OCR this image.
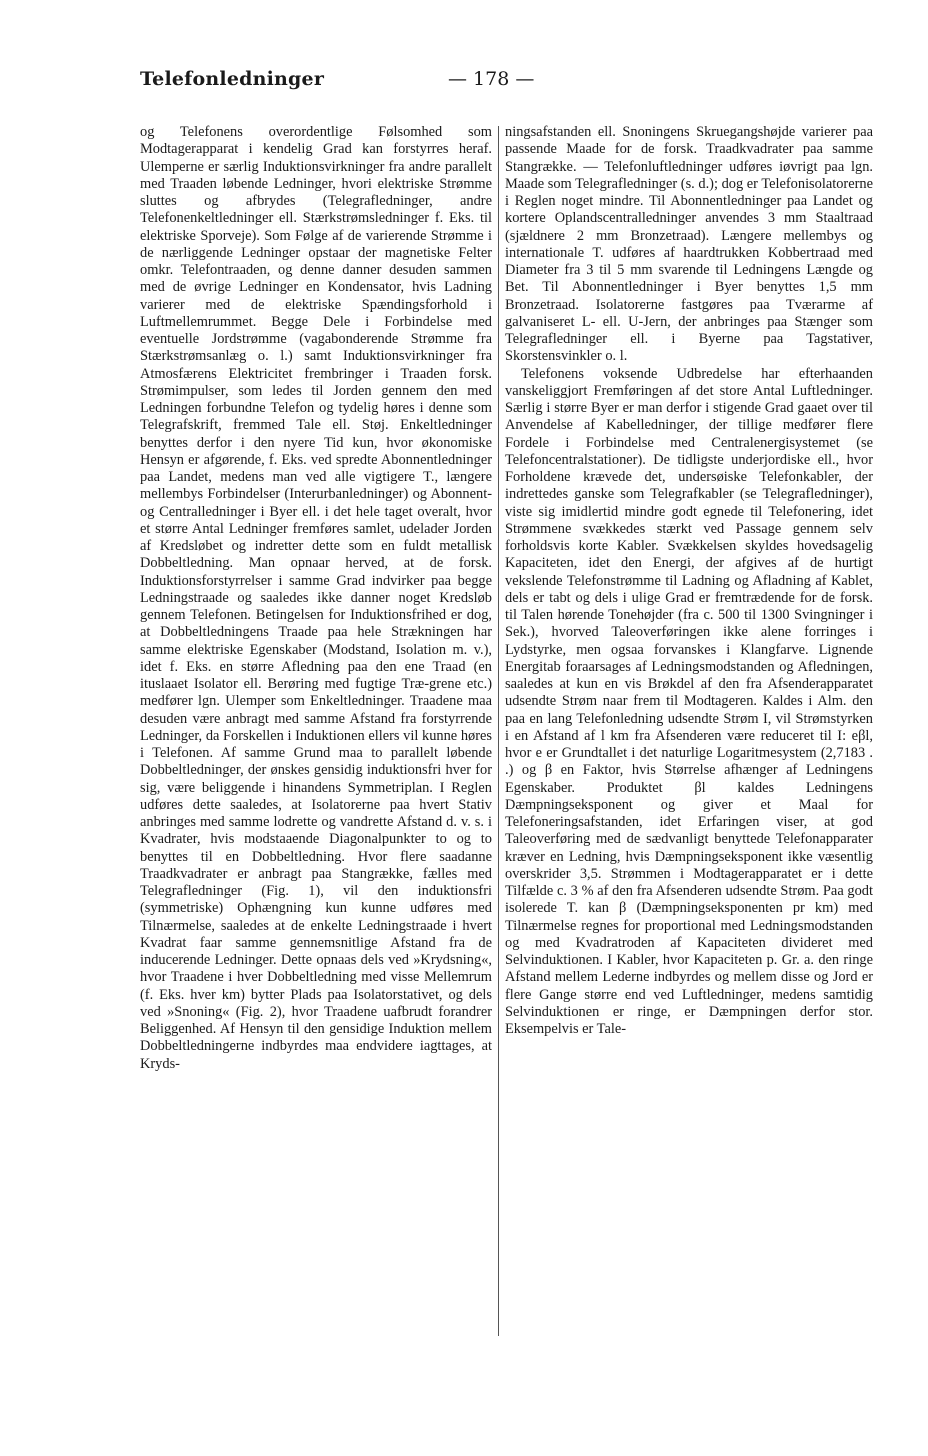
Telefonledninger	— 178 —

og Telefonens overordentlige Følsomhed som Modtagerapparat i kendelig Grad kan forstyrres heraf. Ulemperne er særlig Induktionsvirkninger fra andre parallelt med Traaden løbende Ledninger, hvori elektriske Strømme sluttes og afbrydes (Telegrafledninger, andre Telefonenkeltledninger ell. Stærkstrømsledninger f. Eks. til elektriske Sporveje). Som Følge af de varierende Strømme i de nærliggende Ledninger opstaar der magnetiske Felter omkr. Telefontraaden, og denne danner desuden sammen med de øvrige Ledninger en Kondensator, hvis Ladning varierer med de elektriske Spændingsforhold i Luftmellemrummet. Begge Dele i Forbindelse med eventuelle Jordstrømme (vagabonderende Strømme fra Stærkstrømsanlæg o. l.) samt Induktionsvirkninger fra Atmosfærens Elektricitet frembringer i Traaden forsk. Strømimpulser, som ledes til Jorden gennem den med Ledningen forbundne Telefon og tydelig høres i denne som Telegrafskrift, fremmed Tale ell. Støj. Enkeltledninger benyttes derfor i den nyere Tid kun, hvor økonomiske Hensyn er afgørende, f. Eks. ved spredte Abonnentledninger paa Landet, medens man ved alle vigtigere T., længere mellembys Forbindelser (Interurbanledninger) og Abonnent- og Centralledninger i Byer ell. i det hele taget overalt, hvor et større Antal Ledninger fremføres samlet, udelader Jorden af Kredsløbet og indretter dette som en fuldt metallisk Dobbeltledning. Man opnaar herved, at de forsk. Induktionsforstyrrelser i samme Grad indvirker paa begge Ledningstraade og saaledes ikke danner noget Kredsløb gennem Telefonen. Betingelsen for Induktionsfrihed er dog, at Dobbeltledningens Traade paa hele Strækningen har samme elektriske Egenskaber (Modstand, Isolation m. v.), idet f. Eks. en større Afledning paa den ene Traad (en ituslaaet Isolator ell. Berøring med fugtige Træ-grene etc.) medfører lgn. Ulemper som Enkeltledninger. Traadene maa desuden være anbragt med samme Afstand fra forstyrrende Ledninger, da Forskellen i Induktionen ellers vil kunne høres i Telefonen. Af samme Grund maa to parallelt løbende Dobbeltledninger, der ønskes gensidig induktionsfri hver for sig, være beliggende i hinandens Symmetriplan. I Reglen udføres dette saaledes, at Isolatorerne paa hvert Stativ anbringes med samme lodrette og vandrette Afstand d. v. s. i Kvadrater, hvis modstaaende Diagonalpunkter to og to benyttes til en Dobbeltledning. Hvor flere saadanne Traadkvadrater er anbragt paa Stangrække, fælles med Telegrafledninger (Fig. 1), vil den induktionsfri (symmetriske) Ophængning kun kunne udføres med Tilnærmelse, saaledes at de enkelte Ledningstraade i hvert Kvadrat faar samme gennemsnitlige Afstand fra de inducerende Ledninger. Dette opnaas dels ved »Krydsning«, hvor Traadene i hver Dobbeltledning med visse Mellemrum (f. Eks. hver km) bytter Plads paa Isolatorstativet, og dels ved »Snoning« (Fig. 2), hvor Traadene uafbrudt forandrer Beliggenhed. Af Hensyn til den gensidige Induktion mellem Dobbeltledningerne indbyrdes maa endvidere iagttages, at Kryds-

ningsafstanden ell. Snoningens Skruegangshøjde varierer paa passende Maade for de forsk. Traadkvadrater paa samme Stangrække. — Telefonluftledninger udføres iøvrigt paa lgn. Maade som Telegrafledninger (s. d.); dog er Telefonisolatorerne i Reglen noget mindre. Til Abonnentledninger paa Landet og kortere Oplandscentralledninger anvendes 3 mm Staaltraad (sjældnere 2 mm Bronzetraad). Længere mellembys og internationale T. udføres af haardtrukken Kobbertraad med Diameter fra 3 til 5 mm svarende til Ledningens Længde og Bet. Til Abonnentledninger i Byer benyttes 1,5 mm Bronzetraad. Isolatorerne fastgøres paa Tværarme af galvaniseret L- ell. U-Jern, der anbringes paa Stænger som Telegrafledninger ell. i Byerne paa Tagstativer, Skorstensvinkler o. l.

Telefonens voksende Udbredelse har efterhaanden vanskeliggjort Fremføringen af det store Antal Luftledninger. Særlig i større Byer er man derfor i stigende Grad gaaet over til Anvendelse af Kabelledninger, der tillige medfører flere Fordele i Forbindelse med Centralenergisystemet (se Telefoncentralstationer). De tidligste underjordiske ell., hvor Forholdene krævede det, undersøiske Telefonkabler, der indrettedes ganske som Telegrafkabler (se Telegrafledninger), viste sig imidlertid mindre godt egnede til Telefonering, idet Strømmene svækkedes stærkt ved Passage gennem selv forholdsvis korte Kabler. Svækkelsen skyldes hovedsagelig Kapaciteten, idet den Energi, der afgives af de hurtigt vekslende Telefonstrømme til Ladning og Afladning af Kablet, dels er tabt og dels i ulige Grad er fremtrædende for de forsk. til Talen hørende Tonehøjder (fra c. 500 til 1300 Svingninger i Sek.), hvorved Taleoverføringen ikke alene forringes i Lydstyrke, men ogsaa forvanskes i Klangfarve. Lignende Energitab foraarsages af Ledningsmodstanden og Afledningen, saaledes at kun en vis Brøkdel af den fra Afsenderapparatet udsendte Strøm naar frem til Modtageren. Kaldes i Alm. den paa en lang Telefonledning udsendte Strøm I, vil Strømstyrken i en Afstand af l km fra Afsenderen være reduceret til I: eβl, hvor e er Grundtallet i det naturlige Logaritmesystem (2,7183 . .) og β en Faktor, hvis Størrelse afhænger af Ledningens Egenskaber. Produktet βl kaldes Ledningens Dæmpningseksponent og giver et Maal for Telefoneringsafstanden, idet Erfaringen viser, at god Taleoverføring med de sædvanligt benyttede Telefonapparater kræver en Ledning, hvis Dæmpningseksponent ikke væsentlig overskrider 3,5. Strømmen i Modtagerapparatet er i dette Tilfælde c. 3 % af den fra Afsenderen udsendte Strøm. Paa godt isolerede T. kan β (Dæmpningseksponenten pr km) med Tilnærmelse regnes for proportional med Ledningsmodstanden og med Kvadratroden af Kapaciteten divideret med Selvinduktionen. I Kabler, hvor Kapaciteten p. Gr. a. den ringe Afstand mellem Lederne indbyrdes og mellem disse og Jord er flere Gange større end ved Luftledninger, medens samtidig Selvinduktionen er ringe, er Dæmpningen derfor stor. Eksempelvis er Tale-
